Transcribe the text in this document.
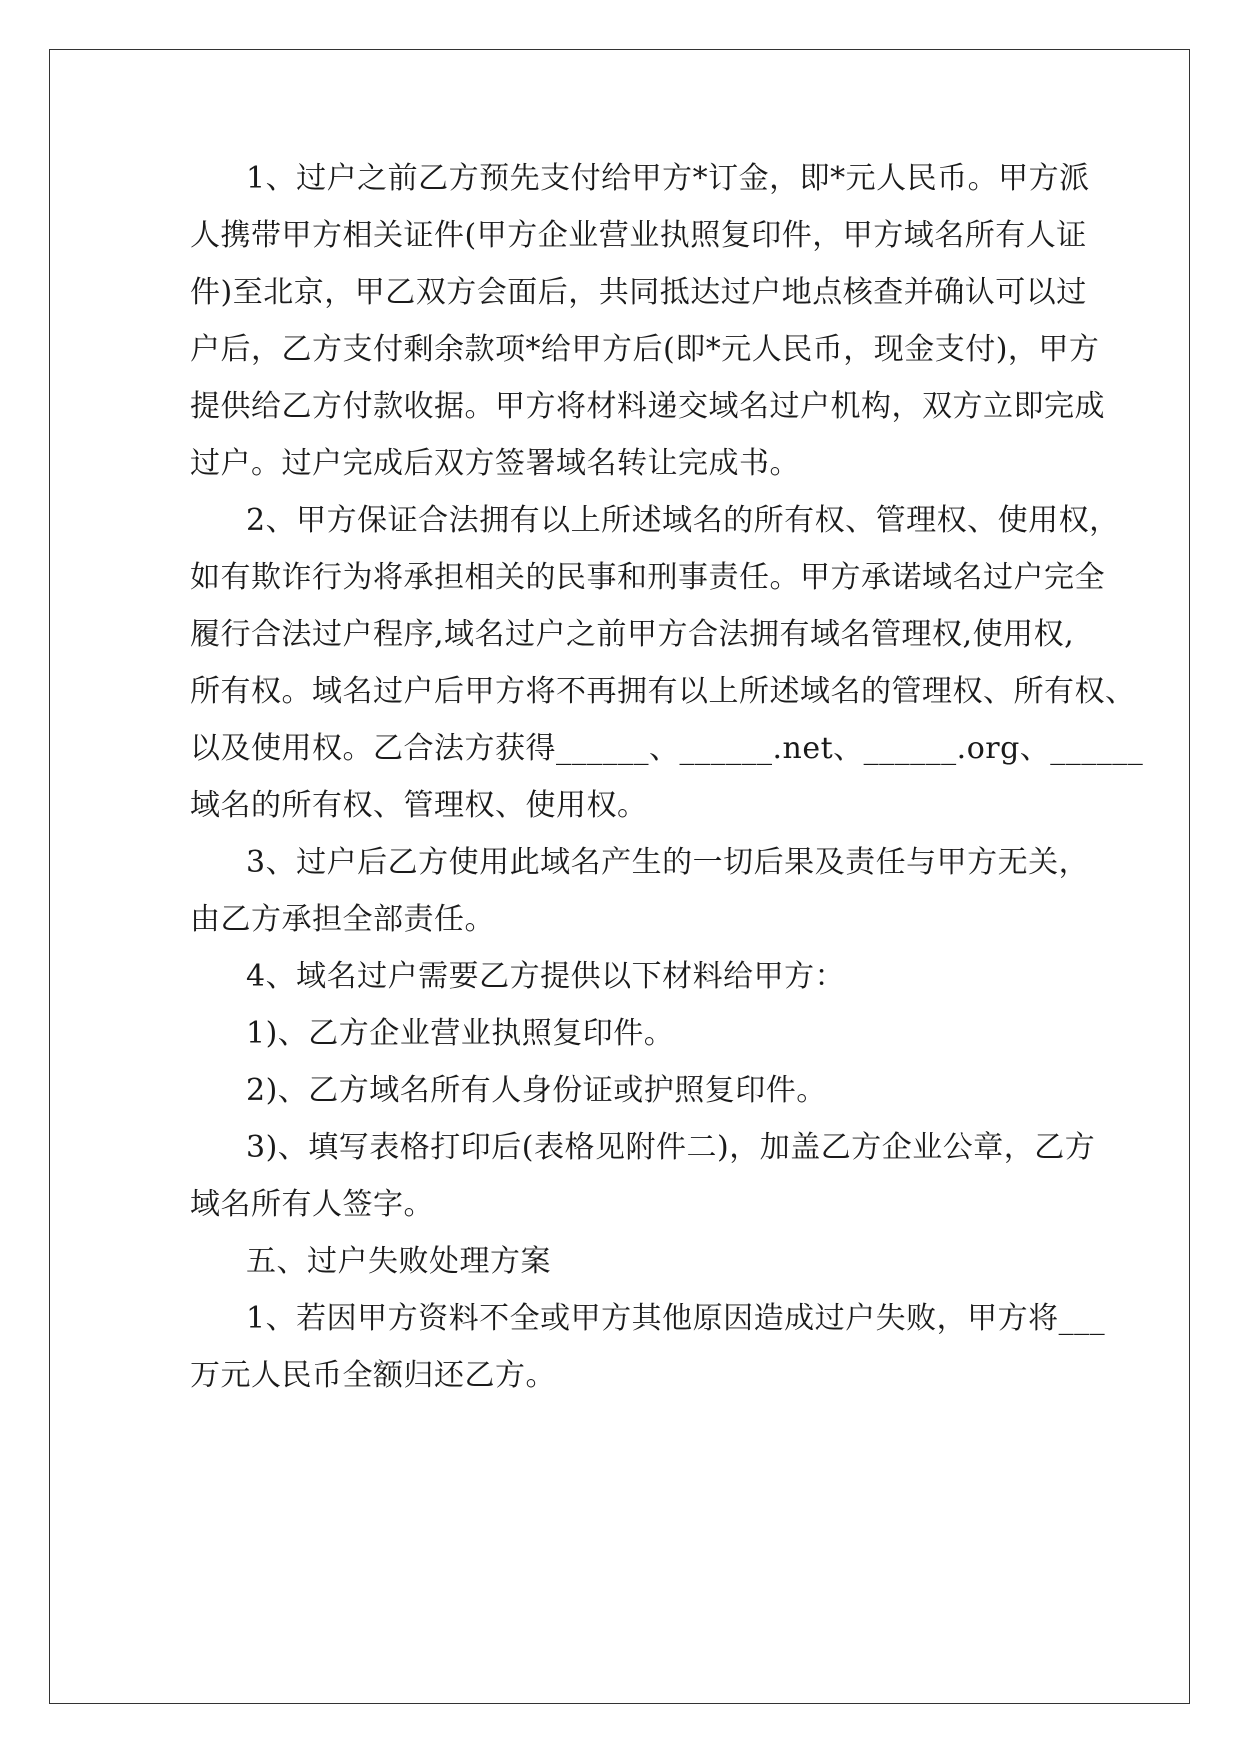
1、过户之前乙方预先支付给甲方*订金，即*元人民币。甲方派
人携带甲方相关证件(甲方企业营业执照复印件，甲方域名所有人证
件)至北京，甲乙双方会面后，共同抵达过户地点核查并确认可以过
户后，乙方支付剩余款项*给甲方后(即*元人民币，现金支付)，甲方
提供给乙方付款收据。甲方将材料递交域名过户机构，双方立即完成
过户。过户完成后双方签署域名转让完成书。
2、甲方保证合法拥有以上所述域名的所有权、管理权、使用权，
如有欺诈行为将承担相关的民事和刑事责任。甲方承诺域名过户完全
履行合法过户程序,域名过户之前甲方合法拥有域名管理权,使用权,
所有权。域名过户后甲方将不再拥有以上所述域名的管理权、所有权、
以及使用权。乙合法方获得______、______.net、______.org、______
域名的所有权、管理权、使用权。
3、过户后乙方使用此域名产生的一切后果及责任与甲方无关，
由乙方承担全部责任。
4、域名过户需要乙方提供以下材料给甲方：
1)、乙方企业营业执照复印件。
2)、乙方域名所有人身份证或护照复印件。
3)、填写表格打印后(表格见附件二)，加盖乙方企业公章，乙方
域名所有人签字。
五、过户失败处理方案
1、若因甲方资料不全或甲方其他原因造成过户失败，甲方将___
万元人民币全额归还乙方。
